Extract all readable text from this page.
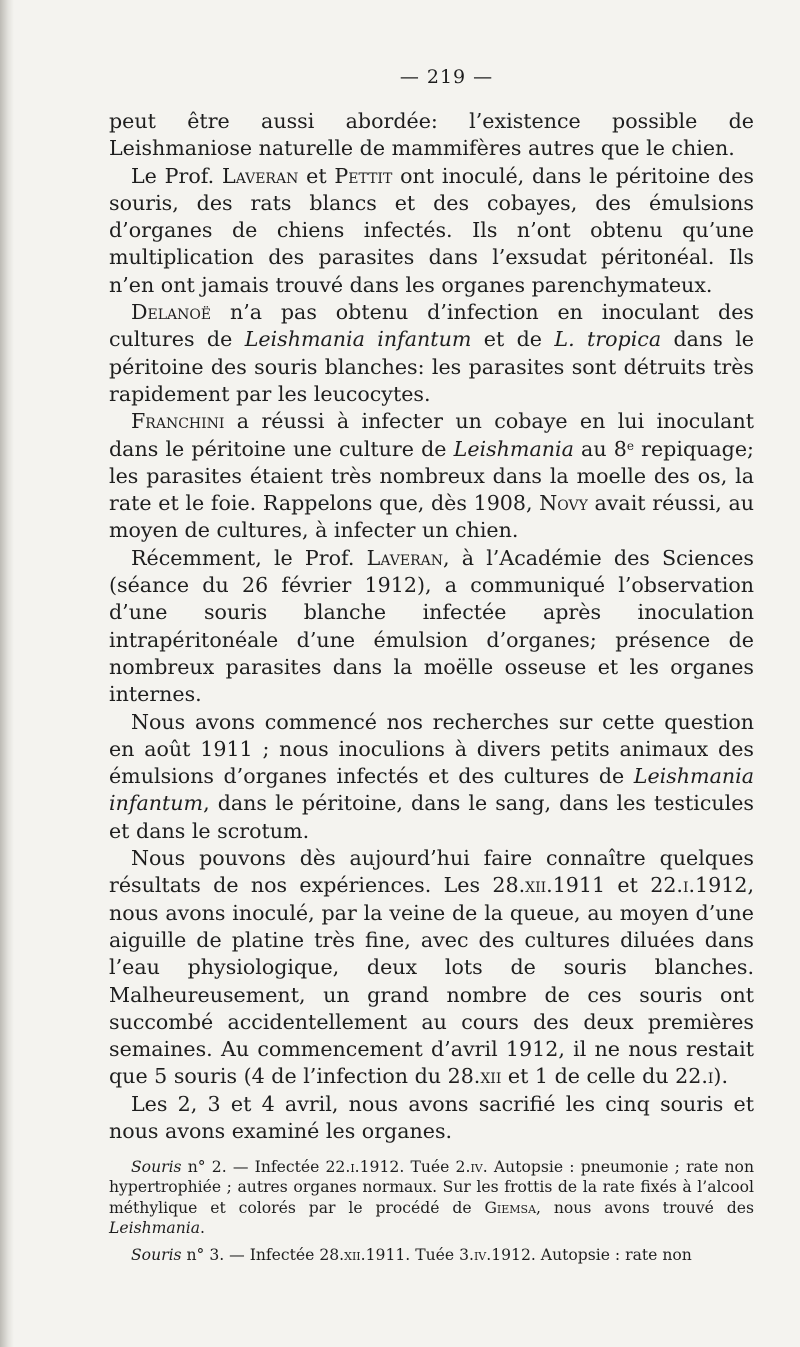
— 219 —

peut être aussi abordée: l’existence possible de Leishmaniose naturelle de mammifères autres que le chien.

Le Prof. Laveran et Pettit ont inoculé, dans le péritoine des souris, des rats blancs et des cobayes, des émulsions d’organes de chiens infectés. Ils n’ont obtenu qu’une multiplication des parasites dans l’exsudat péritonéal. Ils n’en ont jamais trouvé dans les organes parenchymateux.

Delanoë n’a pas obtenu d’infection en inoculant des cultures de Leishmania infantum et de L. tropica dans le péritoine des souris blanches: les parasites sont détruits très rapidement par les leucocytes.

Franchini a réussi à infecter un cobaye en lui inoculant dans le péritoine une culture de Leishmania au 8e repiquage; les parasites étaient très nombreux dans la moelle des os, la rate et le foie. Rappelons que, dès 1908, Novy avait réussi, au moyen de cultures, à infecter un chien.

Récemment, le Prof. Laveran, à l’Académie des Sciences (séance du 26 février 1912), a communiqué l’observation d’une souris blanche infectée après inoculation intrapéritonéale d’une émulsion d’organes; présence de nombreux parasites dans la moëlle osseuse et les organes internes.

Nous avons commencé nos recherches sur cette question en août 1911 ; nous inoculions à divers petits animaux des émulsions d’organes infectés et des cultures de Leishmania infantum, dans le péritoine, dans le sang, dans les testicules et dans le scrotum.

Nous pouvons dès aujourd’hui faire connaître quelques résultats de nos expériences. Les 28.xii.1911 et 22.i.1912, nous avons inoculé, par la veine de la queue, au moyen d’une aiguille de platine très fine, avec des cultures diluées dans l’eau physiologique, deux lots de souris blanches. Malheureusement, un grand nombre de ces souris ont succombé accidentellement au cours des deux premières semaines. Au commencement d’avril 1912, il ne nous restait que 5 souris (4 de l’infection du 28.xii et 1 de celle du 22.i).

Les 2, 3 et 4 avril, nous avons sacrifié les cinq souris et nous avons examiné les organes.

Souris n° 2. — Infectée 22.i.1912. Tuée 2.iv. Autopsie : pneumonie ; rate non hypertrophiée ; autres organes normaux. Sur les frottis de la rate fixés à l’alcool méthylique et colorés par le procédé de Giemsa, nous avons trouvé des Leishmania.

Souris n° 3. — Infectée 28.xii.1911. Tuée 3.iv.1912. Autopsie : rate non
